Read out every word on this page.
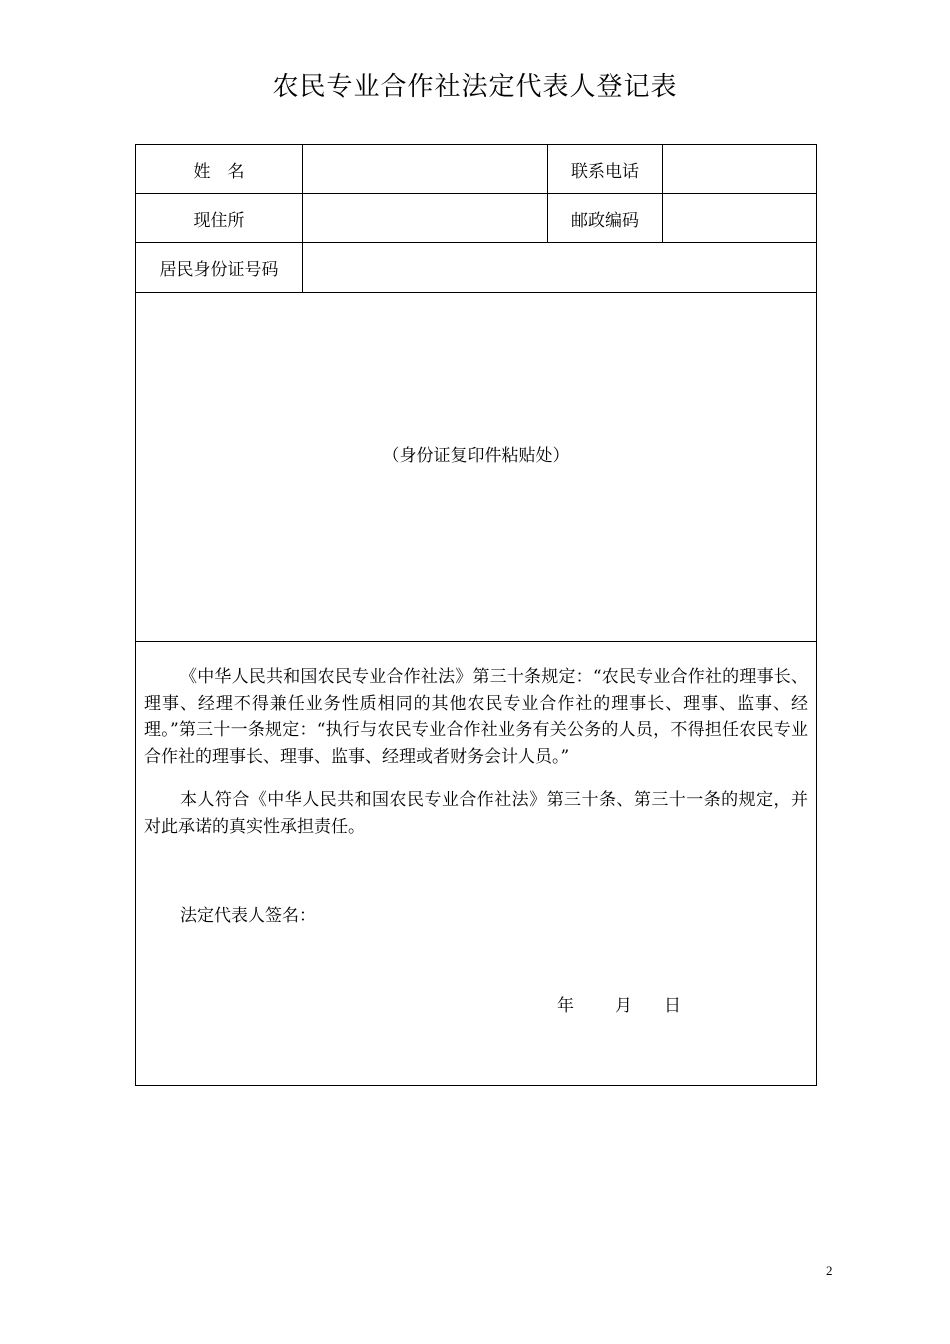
农民专业合作社法定代表人登记表
姓　名	联系电话
现住所	邮政编码
居民身份证号码
（身份证复印件粘贴处）

《中华人民共和国农民专业合作社法》第三十条规定：“农民专业合作社的理事长、理事、经理不得兼任业务性质相同的其他农民专业合作社的理事长、理事、监事、经理。”第三十一条规定：“执行与农民专业合作社业务有关公务的人员，不得担任农民专业合作社的理事长、理事、监事、经理或者财务会计人员。”

本人符合《中华人民共和国农民专业合作社法》第三十条、第三十一条的规定，并对此承诺的真实性承担责任。

法定代表人签名：
年 月 日
2
